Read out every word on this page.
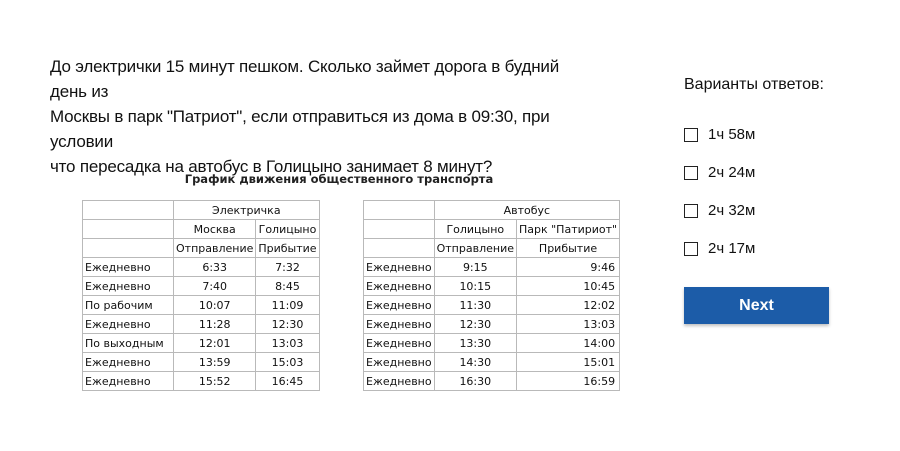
До электрички 15 минут пешком. Сколько займет дорога в будний день из
Москвы в парк "Патриот", если отправиться из дома в 09:30, при условии
что пересадка на автобус в Голицыно занимает 8 минут?
График движения общественного транспорта
	Электричка	
	Москва	Голицыно
	Отправление	Прибытие
Ежедневно	6:33	7:32
Ежедневно	7:40	8:45
По рабочим	10:07	11:09
Ежедневно	11:28	12:30
По выходным	12:01	13:03
Ежедневно	13:59	15:03
Ежедневно	15:52	16:45
	Автобус	
	Голицыно	Парк "Патириот"
	Отправление	Прибытие
Ежедневно	9:15	9:46
Ежедневно	10:15	10:45
Ежедневно	11:30	12:02
Ежедневно	12:30	13:03
Ежедневно	13:30	14:00
Ежедневно	14:30	15:01
Ежедневно	16:30	16:59
Варианты ответов:
1ч 58м
2ч 24м
2ч 32м
2ч 17м
Next
